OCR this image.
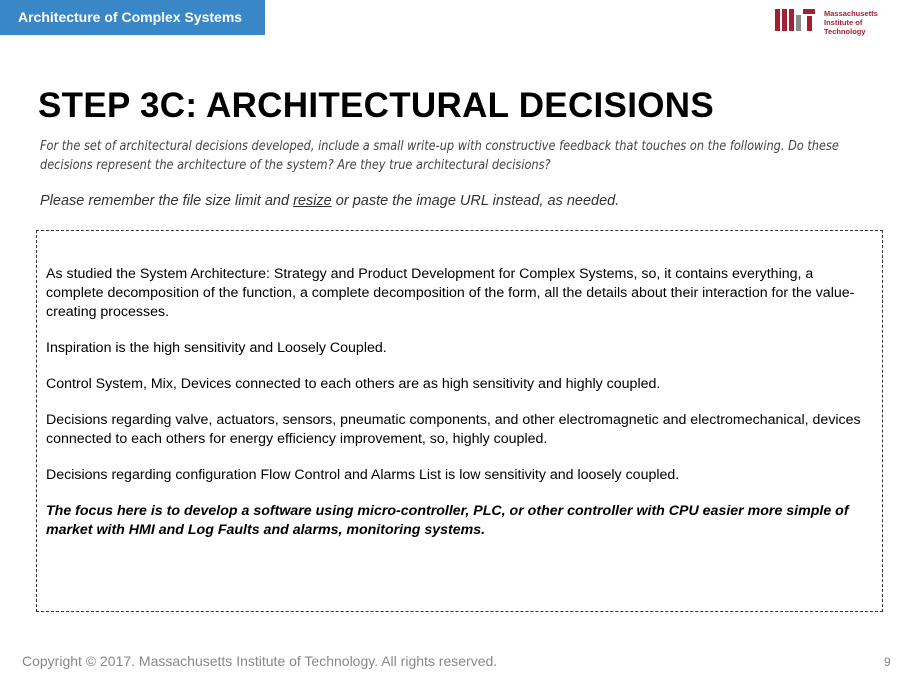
Architecture of Complex Systems	Massachusetts
Institute of
Technology
STEP 3C: ARCHITECTURAL DECISIONS
For the set of architectural decisions developed, include a small write-up with constructive feedback that touches on the following. Do these decisions represent the architecture of the system? Are they true architectural decisions?
Please remember the file size limit and resize or paste the image URL instead, as needed.

As studied the System Architecture: Strategy and Product Development for Complex Systems, so, it contains everything, a complete decomposition of the function, a complete decomposition of the form, all the details about their interaction for the value-creating processes.

Inspiration is the high sensitivity and Loosely Coupled.

Control System, Mix, Devices connected to each others are as high sensitivity and highly coupled.

Decisions regarding valve, actuators, sensors, pneumatic components, and other electromagnetic and electromechanical, devices connected to each others for energy efficiency improvement, so, highly coupled.

Decisions regarding configuration Flow Control and Alarms List is low sensitivity and loosely coupled.

The focus here is to develop a software using micro-controller, PLC, or other controller with CPU easier more simple of market with HMI and Log Faults and alarms, monitoring systems.

Copyright © 2017. Massachusetts Institute of Technology. All rights reserved.	9
